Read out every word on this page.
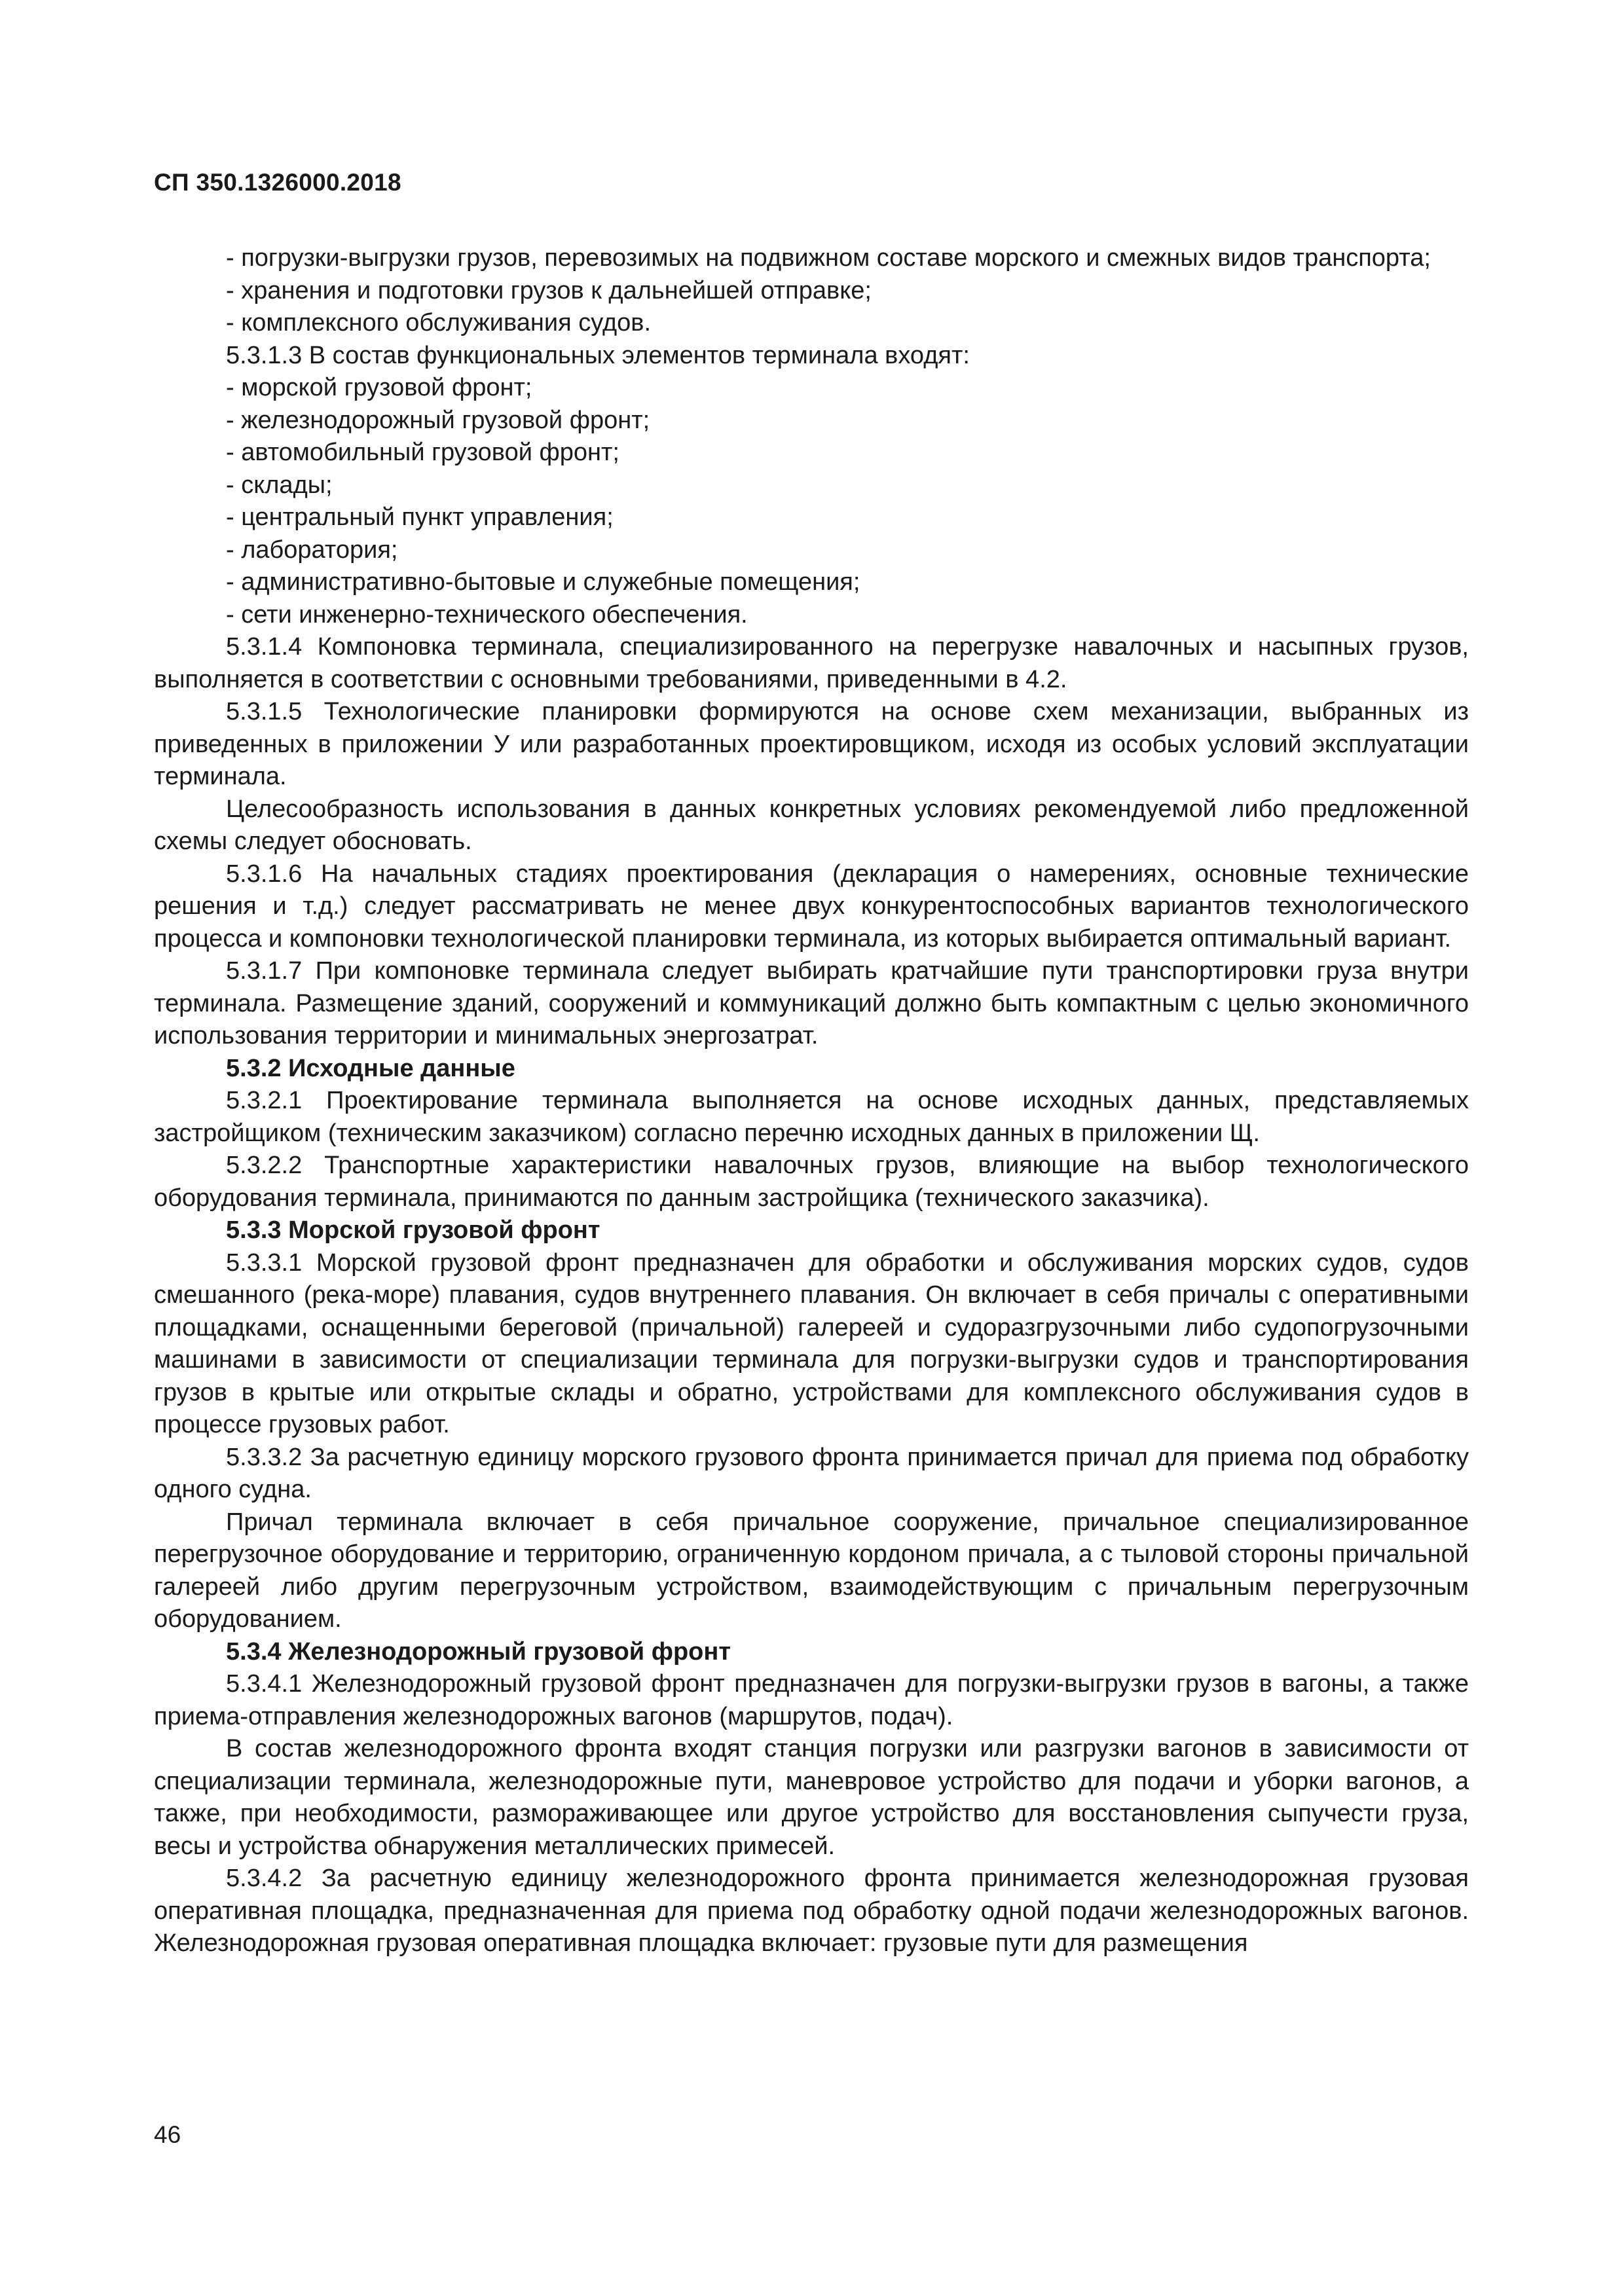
СП 350.1326000.2018

- погрузки-выгрузки грузов, перевозимых на подвижном составе морского и смежных видов транспорта;

- хранения и подготовки грузов к дальнейшей отправке;

- комплексного обслуживания судов.

5.3.1.3 В состав функциональных элементов терминала входят:

- морской грузовой фронт;

- железнодорожный грузовой фронт;

- автомобильный грузовой фронт;

- склады;

- центральный пункт управления;

- лаборатория;

- административно-бытовые и служебные помещения;

- сети инженерно-технического обеспечения.

5.3.1.4 Компоновка терминала, специализированного на перегрузке навалочных и насыпных грузов, выполняется в соответствии с основными требованиями, приведенными в 4.2.

5.3.1.5 Технологические планировки формируются на основе схем механизации, выбранных из приведенных в приложении У или разработанных проектировщиком, исходя из особых условий эксплуатации терминала.

Целесообразность использования в данных конкретных условиях рекомендуемой либо предложенной схемы следует обосновать.

5.3.1.6 На начальных стадиях проектирования (декларация о намерениях, основные технические решения и т.д.) следует рассматривать не менее двух конкурентоспособных вариантов технологического процесса и компоновки технологической планировки терминала, из которых выбирается оптимальный вариант.

5.3.1.7 При компоновке терминала следует выбирать кратчайшие пути транспортировки груза внутри терминала. Размещение зданий, сооружений и коммуникаций должно быть компактным с целью экономичного использования территории и минимальных энергозатрат.

5.3.2 Исходные данные

5.3.2.1 Проектирование терминала выполняется на основе исходных данных, представляемых застройщиком (техническим заказчиком) согласно перечню исходных данных в приложении Щ.

5.3.2.2 Транспортные характеристики навалочных грузов, влияющие на выбор технологического оборудования терминала, принимаются по данным застройщика (технического заказчика).

5.3.3 Морской грузовой фронт

5.3.3.1 Морской грузовой фронт предназначен для обработки и обслуживания морских судов, судов смешанного (река-море) плавания, судов внутреннего плавания. Он включает в себя причалы с оперативными площадками, оснащенными береговой (причальной) галереей и судоразгрузочными либо судопогрузочными машинами в зависимости от специализации терминала для погрузки-выгрузки судов и транспортирования грузов в крытые или открытые склады и обратно, устройствами для комплексного обслуживания судов в процессе грузовых работ.

5.3.3.2 За расчетную единицу морского грузового фронта принимается причал для приема под обработку одного судна.

Причал терминала включает в себя причальное сооружение, причальное специализированное перегрузочное оборудование и территорию, ограниченную кордоном причала, а с тыловой стороны причальной галереей либо другим перегрузочным устройством, взаимодействующим с причальным перегрузочным оборудованием.

5.3.4 Железнодорожный грузовой фронт

5.3.4.1 Железнодорожный грузовой фронт предназначен для погрузки-выгрузки грузов в вагоны, а также приема-отправления железнодорожных вагонов (маршрутов, подач).

В состав железнодорожного фронта входят станция погрузки или разгрузки вагонов в зависимости от специализации терминала, железнодорожные пути, маневровое устройство для подачи и уборки вагонов, а также, при необходимости, размораживающее или другое устройство для восстановления сыпучести груза, весы и устройства обнаружения металлических примесей.

5.3.4.2 За расчетную единицу железнодорожного фронта принимается железнодорожная грузовая оперативная площадка, предназначенная для приема под обработку одной подачи железнодорожных вагонов. Железнодорожная грузовая оперативная площадка включает: грузовые пути для размещения

46
